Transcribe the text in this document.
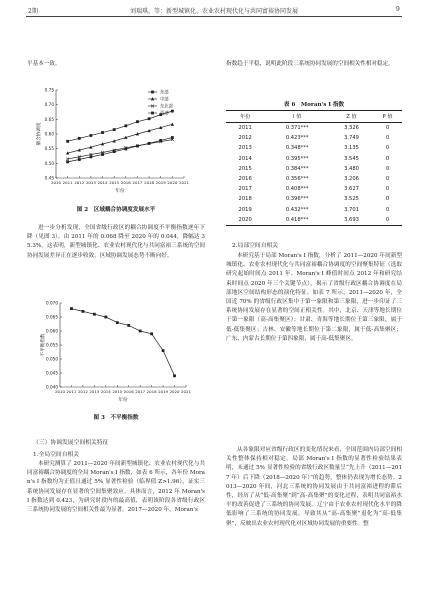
2期	刘瑞琪，等：新型城镇化、农业农村现代化与共同富裕协同发展	9
平基本一致。
0.45
0.50
0.55
0.60
0.65
0.70
0.75
2010 2011 2012 2013 2014 2015 2016 2017 2018 2019 2020 2021
年份
耦合协调度
东部
中部
东北部
西部
图 2　区域耦合协调度发展水平
进一步分析发现，全国省级行政区的耦合协调度不平衡指数逐年下降（见图 3），由 2011 年的 0.068 降至 2020 年的 0.044，降幅达 35.3%。这表明，新型城镇化、农业农村现代化与共同富裕三系统的空间协同发展差异正在逐步收敛，区域协调发展态势不断向好。
0.040
0.045
0.050
0.055
0.060
0.065
0.070
2010 2011 2012 2013 2014 2015 2016 2017 2018 2019 2020 2021
年份
不平衡指数
图 3　不平衡指数
（三）协调发展空间相关特征
1.全局空间自相关
本研究测算了 2011—2020 年间新型城镇化、农业农村现代化与共同富裕耦合协调度的全局 Moran's I 指数，如表 6 所示，各年份 Moran's I 指数均为正值且通过 5% 显著性检验（临界值 Z>1.96），证实三系统协同发展存在显著的空间集聚效应。具体而言，2012 年 Moran's I 指数达到 0.423，为研究时段内的最高值，表明该阶段各省级行政区三系统协同发展的空间相关性最为显著。2017—2020 年，Moran's
指数趋于平稳，说明此阶段三系统协同发展的空间相关性相对稳定。
表 6　Moran's I 指数
年份	I 值	Z 值	P 值
2011	0.371***	3.326	0
2012	0.423***	3.749	0
2013	0.348***	3.135	0
2014	0.395***	3.545	0
2015	0.384***	3.480	0
2016	0.356***	3.206	0
2017	0.408***	3.627	0
2018	0.396***	3.525	0
2019	0.432***	3.701	0
2020	0.418***	3.693	0
2.局部空间自相关
本研究基于局部 Moran's I 指数，分析了 2011—2020 年间新型城镇化、农业农村现代化与共同富裕耦合协调度的空间聚集特征（选取研究起始时间点 2011 年、Moran's I 峰值时间点 2012 年和研究结束时间点 2020 年三个关键节点），揭示了省级行政区耦合协调度在局部地区空间结构形态的演化特征。如表 7 所示，2011—2020 年，全国近 70% 的省级行政区集中于第一象限和第三象限，进一步印证了三系统协同发展存在显著的空间正相关性。其中，北京、天津等地长期位于第一象限（高-高集聚区）；甘肃、青海等地长期位于第三象限，属于低-低集聚区；吉林、安徽等地长期位于第二象限，属于低-高集聚区；广东、内蒙古长期位于第四象限，属于高-低集聚区。
从各象限对应省级行政区的变化情况来看，全国范围内局部空间相关性整体保持相对稳定。局部 Moran's I 指数的显著性检验结果表明，未通过 5% 显著性检验的省级行政区数量呈“先上升（2011—2017 年）后下降（2018—2020 年）”的趋势，整体仍表现为增长态势。2013—2020 年间，河北三系统的协同发展由于共同富裕进程的滞后性，经历了从“低-高集聚”到“高-高集聚”的变化过程，表明共同富裕水平的改善促进了三系统的协同发展。辽宁由于农业农村现代化水平的降低影响了三系统的协同发展，导致其从“高-高集聚”退化为“高-低集聚”，反映出农业农村现代化对区域协同发展的重要性。整
